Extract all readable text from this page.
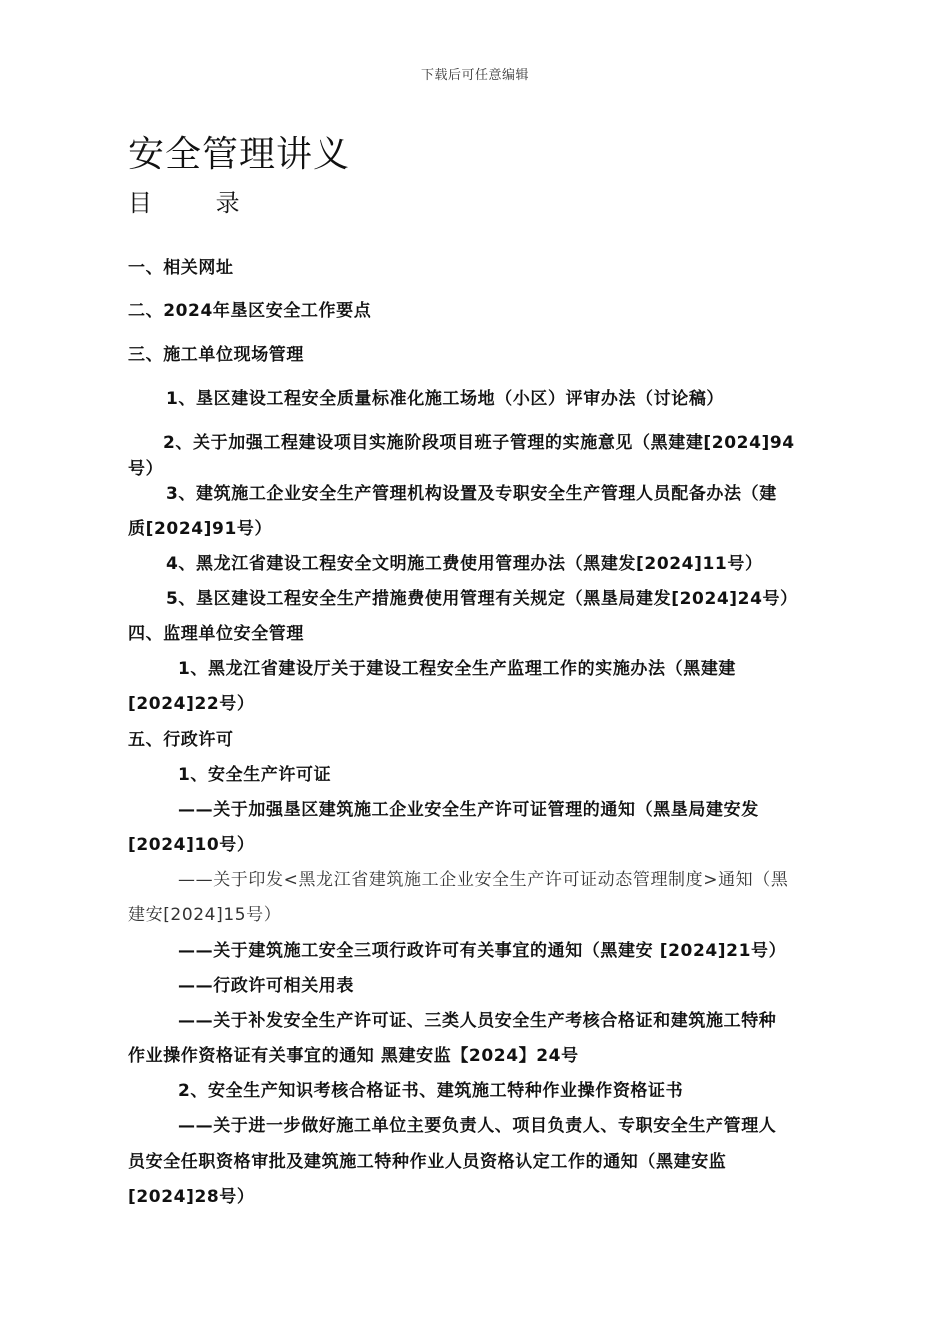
下载后可任意编辑
安全管理讲义
目 录
一、相关网址
二、2024年垦区安全工作要点
三、施工单位现场管理
1、垦区建设工程安全质量标准化施工场地（小区）评审办法（讨论稿）
2、关于加强工程建设项目实施阶段项目班子管理的实施意见（黑建建[2024]94
号）
3、建筑施工企业安全生产管理机构设置及专职安全生产管理人员配备办法（建
质[2024]91号）
4、黑龙江省建设工程安全文明施工费使用管理办法（黑建发[2024]11号）
5、垦区建设工程安全生产措施费使用管理有关规定（黑垦局建发[2024]24号）
四、监理单位安全管理
1、黑龙江省建设厅关于建设工程安全生产监理工作的实施办法（黑建建
[2024]22号）
五、行政许可
1、安全生产许可证
——关于加强垦区建筑施工企业安全生产许可证管理的通知（黑垦局建安发
[2024]10号）
——关于印发<黑龙江省建筑施工企业安全生产许可证动态管理制度>通知（黑
建安[2024]15号）
——关于建筑施工安全三项行政许可有关事宜的通知（黑建安 [2024]21号）
——行政许可相关用表
——关于补发安全生产许可证、三类人员安全生产考核合格证和建筑施工特种
作业操作资格证有关事宜的通知 黑建安监【2024】24号
2、安全生产知识考核合格证书、建筑施工特种作业操作资格证书
——关于进一步做好施工单位主要负责人、项目负责人、专职安全生产管理人
员安全任职资格审批及建筑施工特种作业人员资格认定工作的通知（黑建安监
[2024]28号）
